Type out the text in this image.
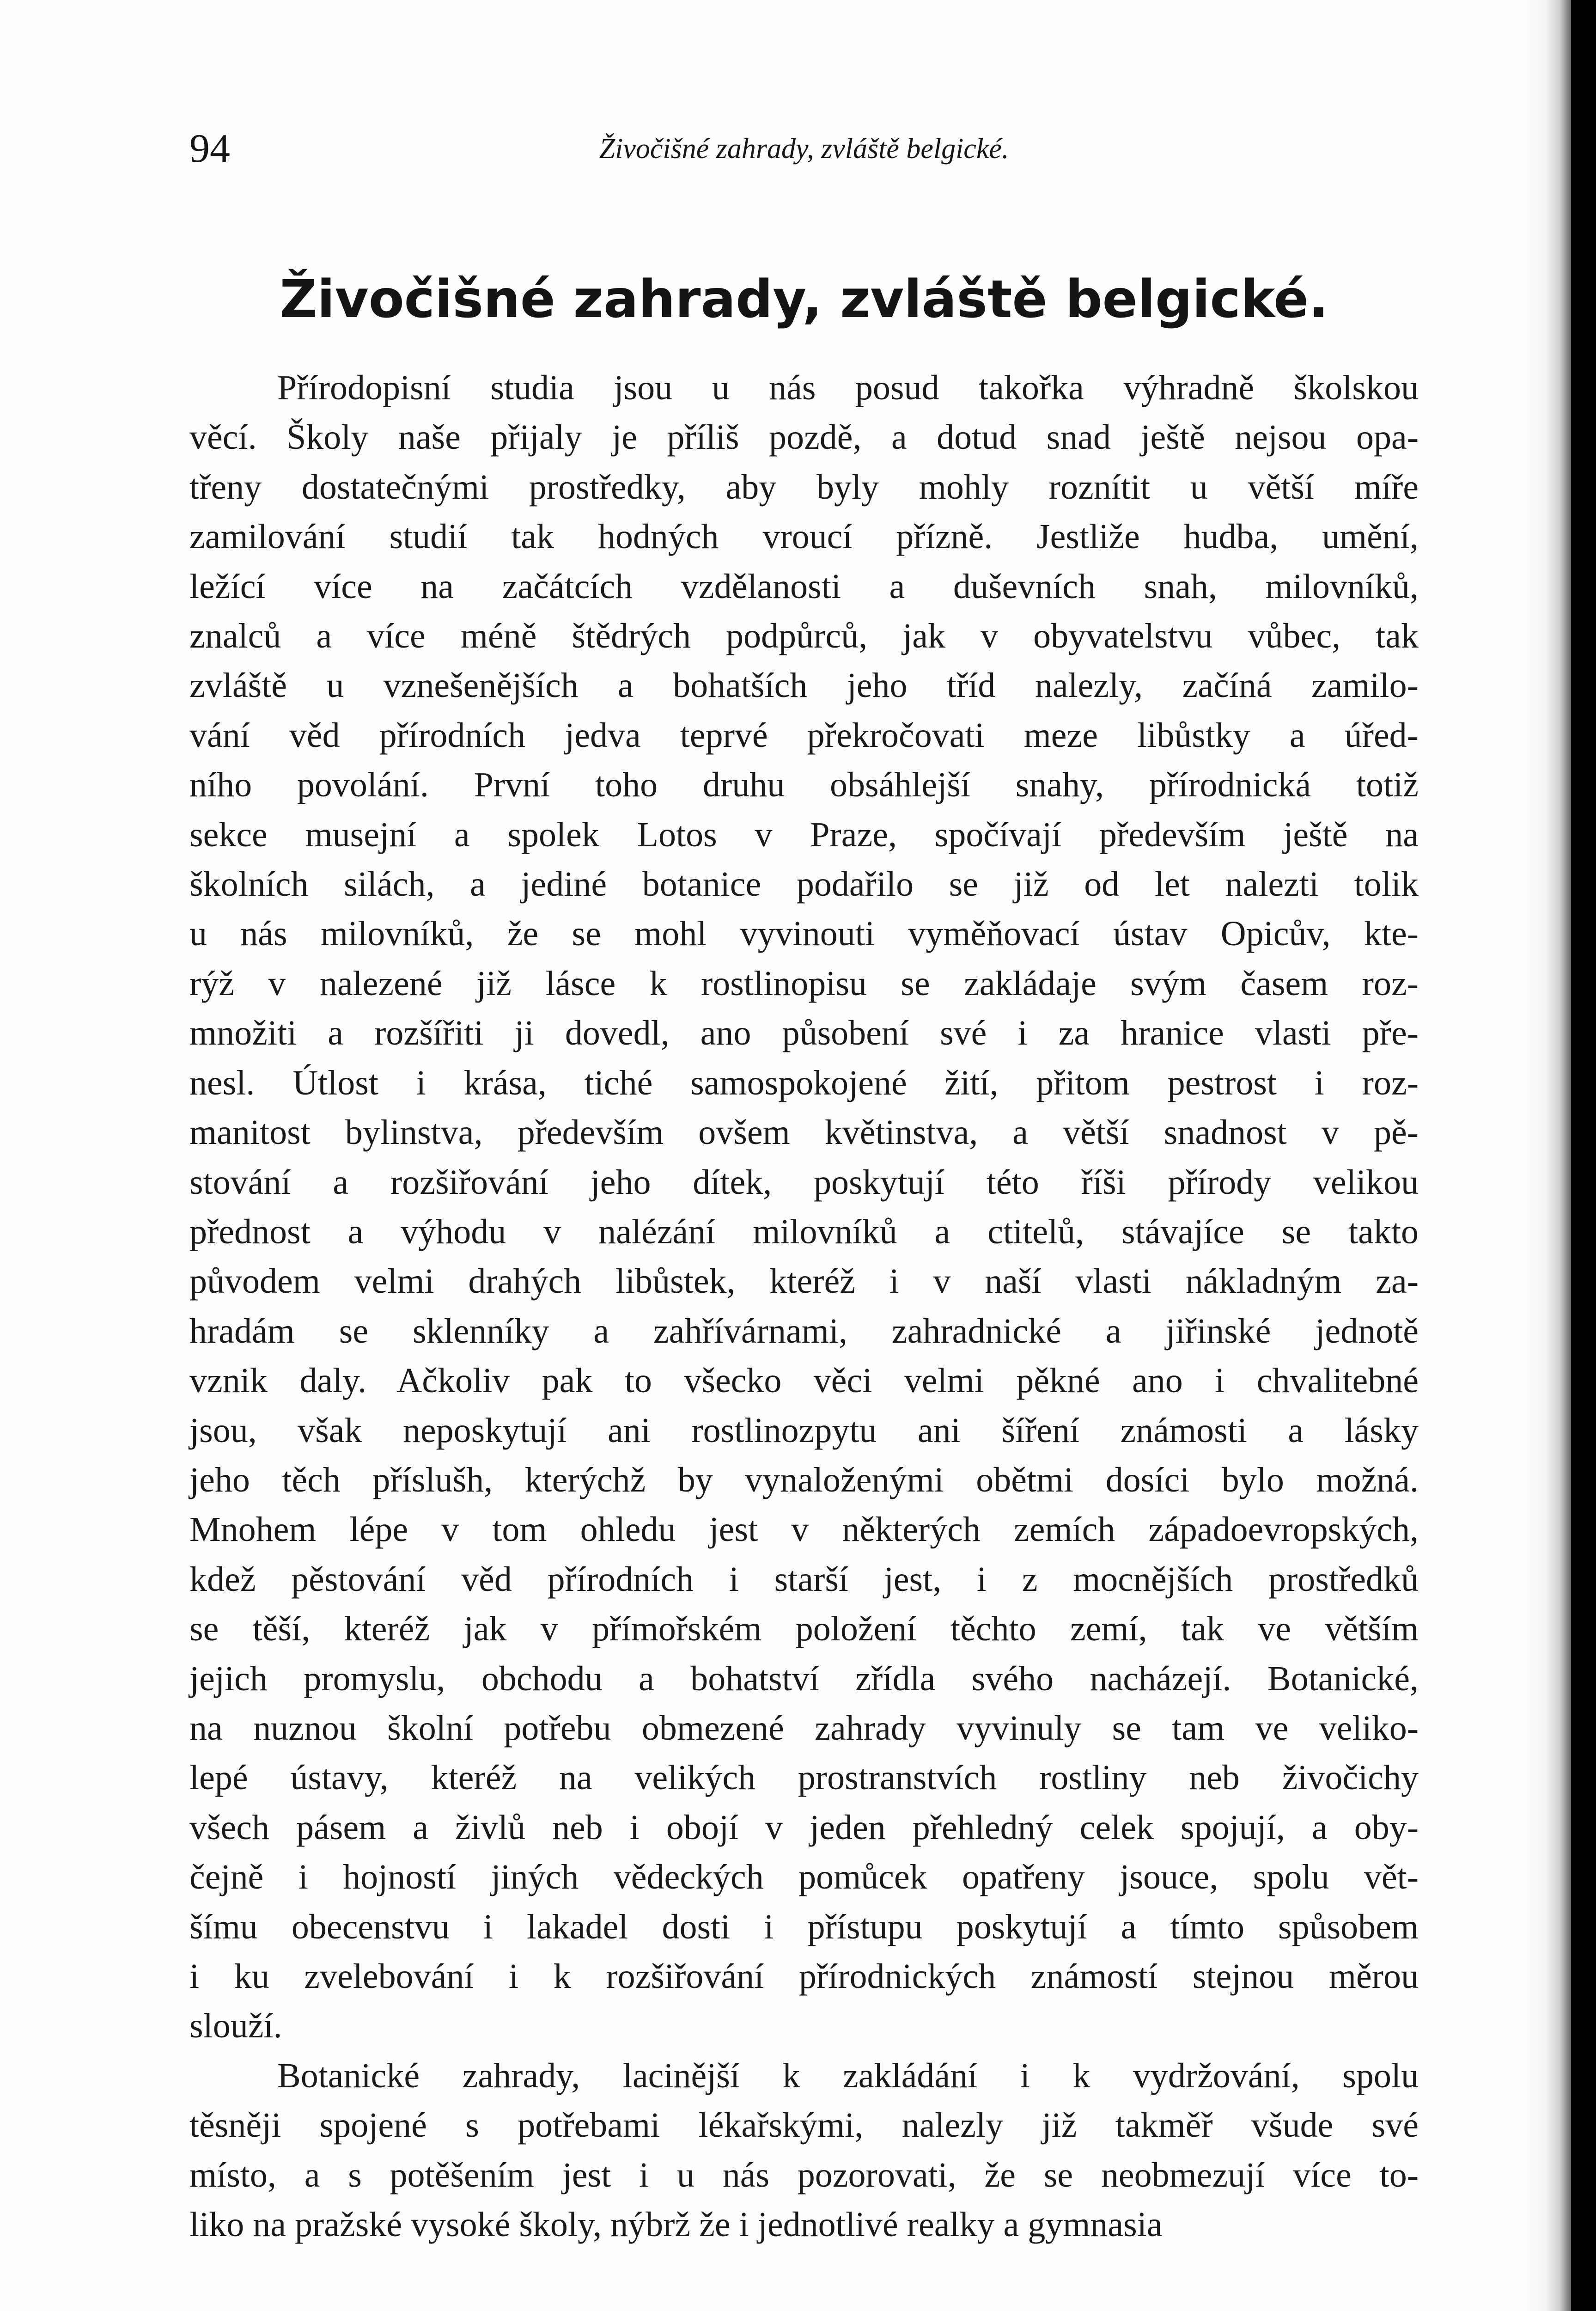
94	Živočišné zahrady, zvláště belgické.
Živočišné zahrady, zvláště belgické.
Přírodopisní studia jsou u nás posud takořka výhradně školskou
věcí. Školy naše přijaly je příliš pozdě, a dotud snad ještě nejsou opa-
třeny dostatečnými prostředky, aby byly mohly roznítit u větší míře
zamilování studií tak hodných vroucí přízně. Jestliže hudba, umění,
ležící více na začátcích vzdělanosti a duševních snah, milovníků,
znalců a více méně štědrých podpůrců, jak v obyvatelstvu vůbec, tak
zvláště u vznešenějších a bohatších jeho tříd nalezly, začíná zamilo-
vání věd přírodních jedva teprvé překročovati meze libůstky a úřed-
ního povolání. První toho druhu obsáhlejší snahy, přírodnická totiž
sekce musejní a spolek Lotos v Praze, spočívají především ještě na
školních silách, a jediné botanice podařilo se již od let nalezti tolik
u nás milovníků, že se mohl vyvinouti vyměňovací ústav Opicův, kte-
rýž v nalezené již lásce k rostlinopisu se zakládaje svým časem roz-
množiti a rozšířiti ji dovedl, ano působení své i za hranice vlasti pře-
nesl. Útlost i krása, tiché samospokojené žití, přitom pestrost i roz-
manitost bylinstva, především ovšem květinstva, a větší snadnost v pě-
stování a rozšiřování jeho dítek, poskytují této říši přírody velikou
přednost a výhodu v nalézání milovníků a ctitelů, stávajíce se takto
původem velmi drahých libůstek, kteréž i v naší vlasti nákladným za-
hradám se sklenníky a zahřívárnami, zahradnické a jiřinské jednotě
vznik daly. Ačkoliv pak to všecko věci velmi pěkné ano i chvalitebné
jsou, však neposkytují ani rostlinozpytu ani šíření známosti a lásky
jeho těch příslušh, kterýchž by vynaloženými obětmi dosíci bylo možná.
Mnohem lépe v tom ohledu jest v některých zemích západoevropských,
kdež pěstování věd přírodních i starší jest, i z mocnějších prostředků
se těší, kteréž jak v přímořském položení těchto zemí, tak ve větším
jejich promyslu, obchodu a bohatství zřídla svého nacházejí. Botanické,
na nuznou školní potřebu obmezené zahrady vyvinuly se tam ve veliko-
lepé ústavy, kteréž na velikých prostranstvích rostliny neb živočichy
všech pásem a živlů neb i obojí v jeden přehledný celek spojují, a oby-
čejně i hojností jiných vědeckých pomůcek opatřeny jsouce, spolu vět-
šímu obecenstvu i lakadel dosti i přístupu poskytují a tímto spůsobem
i ku zvelebování i k rozšiřování přírodnických známostí stejnou měrou
slouží.
Botanické zahrady, lacinější k zakládání i k vydržování, spolu
těsněji spojené s potřebami lékařskými, nalezly již takměř všude své
místo, a s potěšením jest i u nás pozorovati, že se neobmezují více to-
liko na pražské vysoké školy, nýbrž že i jednotlivé realky a gymnasia
